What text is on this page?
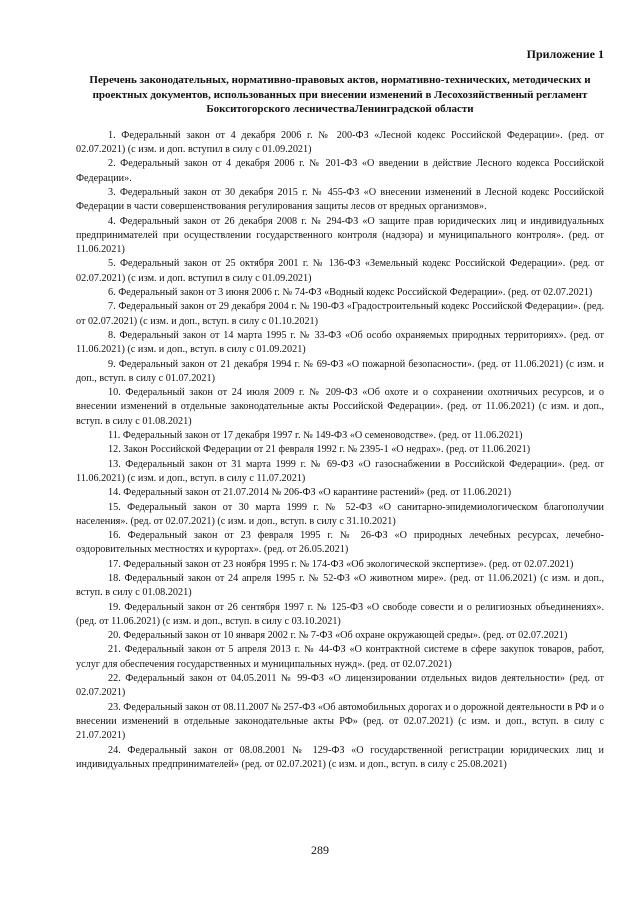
Приложение 1
Перечень законодательных, нормативно-правовых актов, нормативно-технических, методических и проектных документов, использованных при внесении изменений в Лесохозяйственный регламент Бокситогорского лесничестваЛенинградской области

1. Федеральный закон от 4 декабря 2006 г. № 200-ФЗ «Лесной кодекс Российской Федерации». (ред. от 02.07.2021) (с изм. и доп. вступил в силу с 01.09.2021)

2. Федеральный закон от 4 декабря 2006 г. № 201-ФЗ «О введении в действие Лесного кодекса Российской Федерации».

3. Федеральный закон от 30 декабря 2015 г. № 455-ФЗ «О внесении изменений в Лесной кодекс Российской Федерации в части совершенствования регулирования защиты лесов от вредных организмов».

4. Федеральный закон от 26 декабря 2008 г. № 294-ФЗ «О защите прав юридических лиц и индивидуальных предпринимателей при осуществлении государственного контроля (надзора) и муниципального контроля». (ред. от 11.06.2021)

5. Федеральный закон от 25 октября 2001 г. № 136-ФЗ «Земельный кодекс Российской Федерации». (ред. от 02.07.2021) (с изм. и доп. вступил в силу с 01.09.2021)

6. Федеральный закон от 3 июня 2006 г. № 74-ФЗ «Водный кодекс Российской Федерации». (ред. от 02.07.2021)

7. Федеральный закон от 29 декабря 2004 г. № 190-ФЗ «Градостроительный кодекс Российской Федерации». (ред. от 02.07.2021) (с изм. и доп., вступ. в силу с 01.10.2021)

8. Федеральный закон от 14 марта 1995 г. № 33-ФЗ «Об особо охраняемых природных территориях». (ред. от 11.06.2021) (с изм. и доп., вступ. в силу с 01.09.2021)

9. Федеральный закон от 21 декабря 1994 г. № 69-ФЗ «О пожарной безопасности». (ред. от 11.06.2021) (с изм. и доп., вступ. в силу с 01.07.2021)

10. Федеральный закон от 24 июля 2009 г. № 209-ФЗ «Об охоте и о сохранении охотничьих ресурсов, и о внесении изменений в отдельные законодательные акты Российской Федерации». (ред. от 11.06.2021) (с изм. и доп., вступ. в силу с 01.08.2021)

11. Федеральный закон от 17 декабря 1997 г. № 149-ФЗ «О семеноводстве». (ред. от 11.06.2021)

12. Закон Российской Федерации от 21 февраля 1992 г. № 2395-1 «О недрах». (ред. от 11.06.2021)

13. Федеральный закон от 31 марта 1999 г. № 69-ФЗ «О газоснабжении в Российской Федерации». (ред. от 11.06.2021) (с изм. и доп., вступ. в силу с 11.07.2021)

14. Федеральный закон от 21.07.2014 № 206-ФЗ «О карантине растений» (ред. от 11.06.2021)

15. Федеральный закон от 30 марта 1999 г. № 52-ФЗ «О санитарно-эпидемиологическом благополучии населения». (ред. от 02.07.2021) (с изм. и доп., вступ. в силу с 31.10.2021)

16. Федеральный закон от 23 февраля 1995 г. № 26-ФЗ «О природных лечебных ресурсах, лечебно-оздоровительных местностях и курортах». (ред. от 26.05.2021)

17. Федеральный закон от 23 ноября 1995 г. № 174-ФЗ «Об экологической экспертизе». (ред. от 02.07.2021)

18. Федеральный закон от 24 апреля 1995 г. № 52-ФЗ «О животном мире». (ред. от 11.06.2021) (с изм. и доп., вступ. в силу с 01.08.2021)

19. Федеральный закон от 26 сентября 1997 г. № 125-ФЗ «О свободе совести и о религиозных объединениях». (ред. от 11.06.2021) (с изм. и доп., вступ. в силу с 03.10.2021)

20. Федеральный закон от 10 января 2002 г. № 7-ФЗ «Об охране окружающей среды». (ред. от 02.07.2021)

21. Федеральный закон от 5 апреля 2013 г. № 44-ФЗ «О контрактной системе в сфере закупок товаров, работ, услуг для обеспечения государственных и муниципальных нужд». (ред. от 02.07.2021)

22. Федеральный закон от 04.05.2011 № 99-ФЗ «О лицензировании отдельных видов деятельности» (ред. от 02.07.2021)

23. Федеральный закон от 08.11.2007 № 257-ФЗ «Об автомобильных дорогах и о дорожной деятельности в РФ и о внесении изменений в отдельные законодательные акты РФ» (ред. от 02.07.2021) (с изм. и доп., вступ. в силу с 21.07.2021)

24. Федеральный закон от 08.08.2001 № 129-ФЗ «О государственной регистрации юридических лиц и индивидуальных предпринимателей» (ред. от 02.07.2021) (с изм. и доп., вступ. в силу с 25.08.2021)

289
